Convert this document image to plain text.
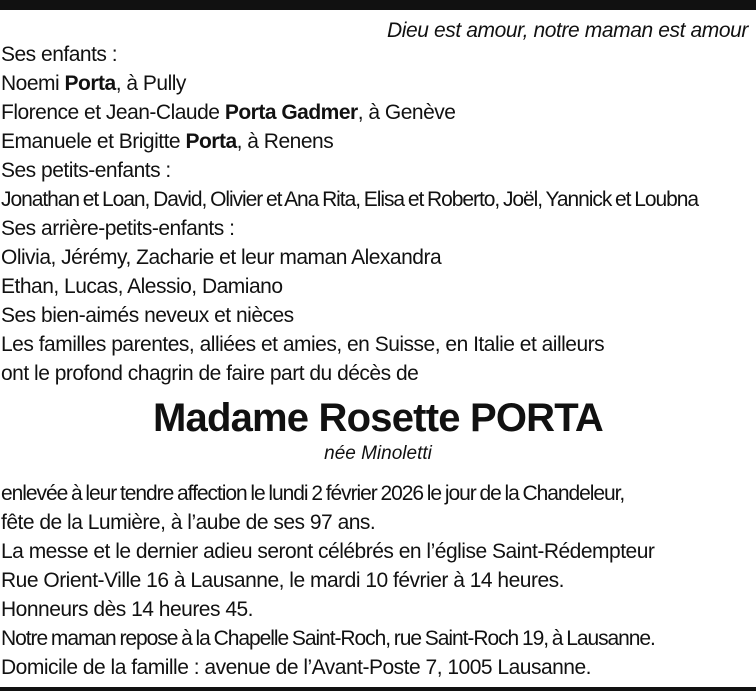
Dieu est amour, notre maman est amour
Ses enfants :
Noemi Porta, à Pully
Florence et Jean-Claude Porta Gadmer, à Genève
Emanuele et Brigitte Porta, à Renens
Ses petits-enfants :
Jonathan et Loan, David, Olivier et Ana Rita, Elisa et Roberto, Joël, Yannick et Loubna
Ses arrière-petits-enfants :
Olivia, Jérémy, Zacharie et leur maman Alexandra
Ethan, Lucas, Alessio, Damiano
Ses bien-aimés neveux et nièces
Les familles parentes, alliées et amies, en Suisse, en Italie et ailleurs
ont le profond chagrin de faire part du décès de
Madame Rosette PORTA
née Minoletti
enlevée à leur tendre affection le lundi 2 février 2026 le jour de la Chandeleur,
fête de la Lumière, à l’aube de ses 97 ans.
La messe et le dernier adieu seront célébrés en l’église Saint-Rédempteur
Rue Orient-Ville 16 à Lausanne, le mardi 10 février à 14 heures.
Honneurs dès 14 heures 45.
Notre maman repose à la Chapelle Saint-Roch, rue Saint-Roch 19, à Lausanne.
Domicile de la famille : avenue de l’Avant-Poste 7, 1005 Lausanne.
